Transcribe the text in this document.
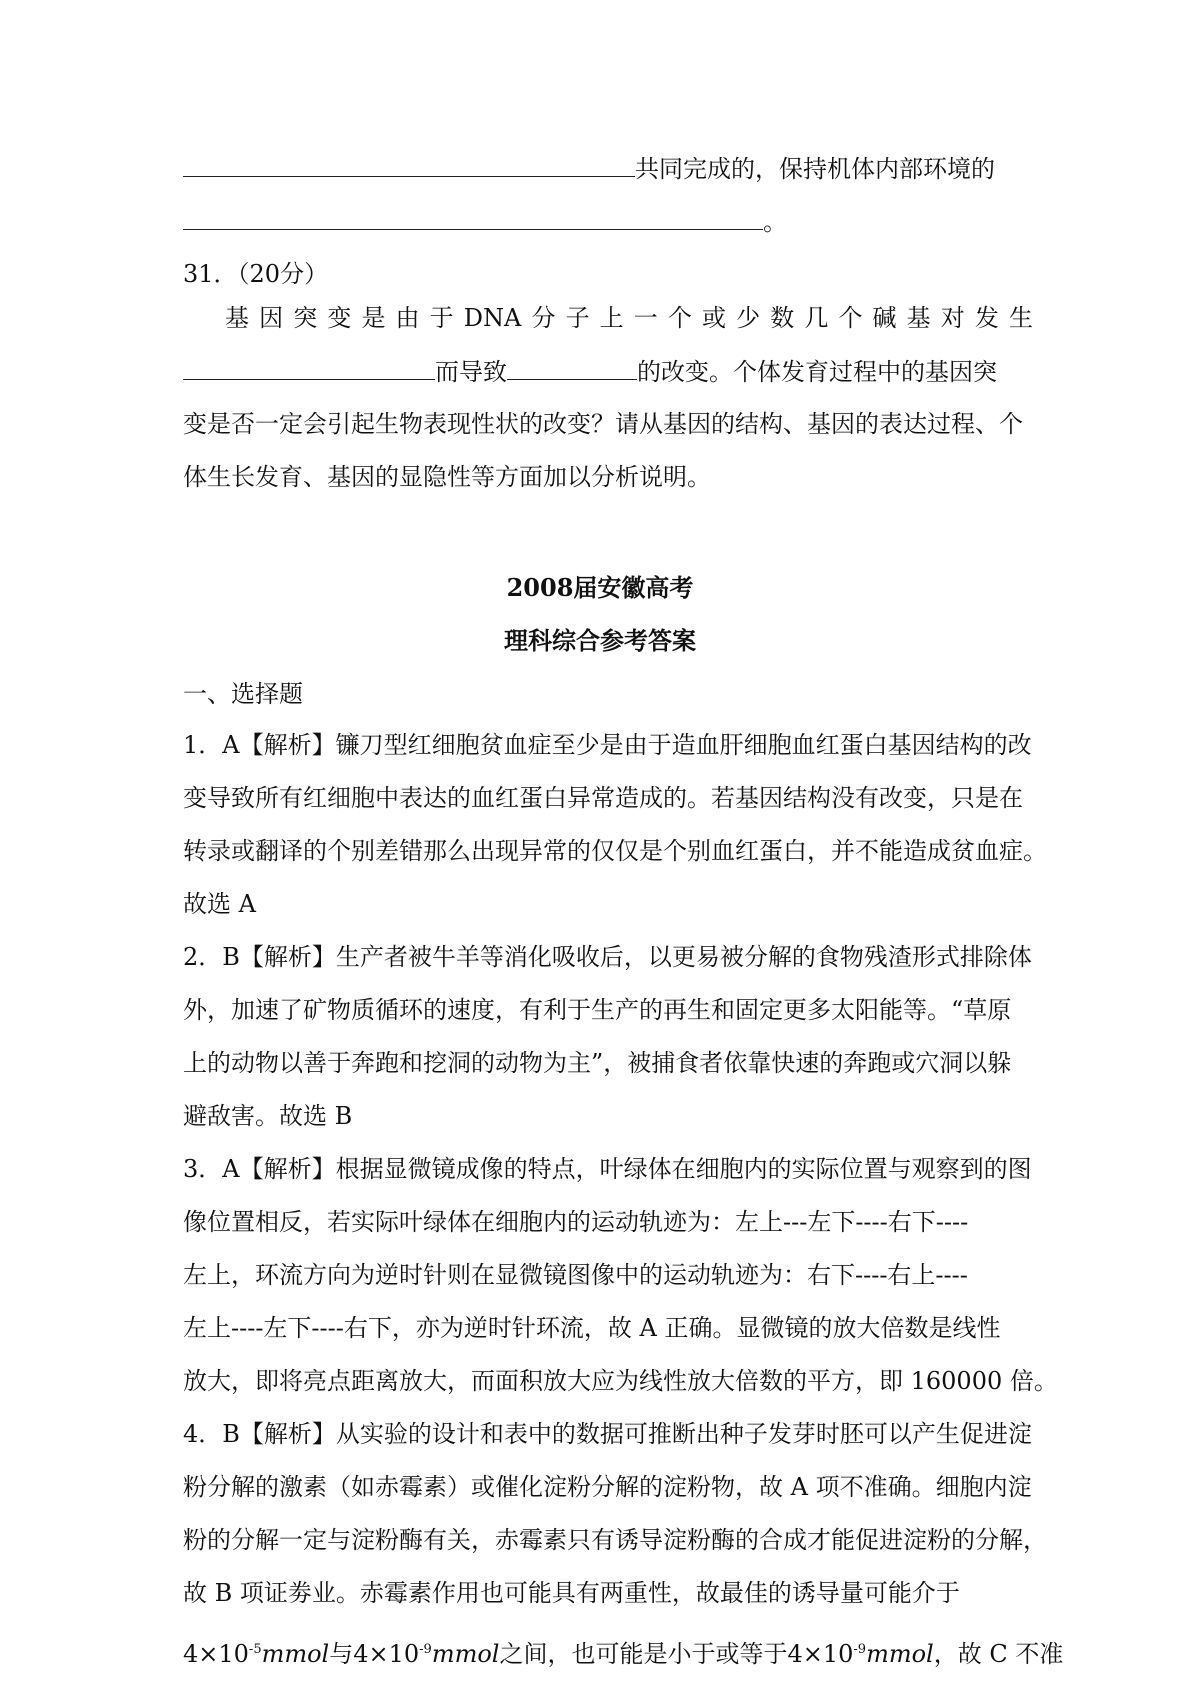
共同完成的，保持机体内部环境的
。
31．（20分）
基 因 突 变 是 由 于 DNA 分 子 上 一 个 或 少 数 几 个 碱 基 对 发 生
而导致	的改变。个体发育过程中的基因突
变是否一定会引起生物表现性状的改变？请从基因的结构、基因的表达过程、个
体生长发育、基因的显隐性等方面加以分析说明。
2008届安徽高考
理科综合参考答案
一、选择题
1．A【解析】镰刀型红细胞贫血症至少是由于造血肝细胞血红蛋白基因结构的改
变导致所有红细胞中表达的血红蛋白异常造成的。若基因结构没有改变，只是在
转录或翻译的个别差错那么出现异常的仅仅是个别血红蛋白，并不能造成贫血症。
故选 A
2．B【解析】生产者被牛羊等消化吸收后，以更易被分解的食物残渣形式排除体
外，加速了矿物质循环的速度，有利于生产的再生和固定更多太阳能等。“草原
上的动物以善于奔跑和挖洞的动物为主”，被捕食者依靠快速的奔跑或穴洞以躲
避敌害。故选 B
3．A【解析】根据显微镜成像的特点，叶绿体在细胞内的实际位置与观察到的图
像位置相反，若实际叶绿体在细胞内的运动轨迹为：左上---左下----右下----
左上，环流方向为逆时针则在显微镜图像中的运动轨迹为：右下----右上----
左上----左下----右下，亦为逆时针环流，故 A 正确。显微镜的放大倍数是线性
放大，即将亮点距离放大，而面积放大应为线性放大倍数的平方，即 160000 倍。
4．B【解析】从实验的设计和表中的数据可推断出种子发芽时胚可以产生促进淀
粉分解的激素（如赤霉素）或催化淀粉分解的淀粉物，故 A 项不准确。细胞内淀
粉的分解一定与淀粉酶有关，赤霉素只有诱导淀粉酶的合成才能促进淀粉的分解，
故 B 项证劵业。赤霉素作用也可能具有两重性，故最佳的诱导量可能介于
$4\times 10^{-5}mmol$与$4\times 10^{-9}mmol$之间，也可能是小于或等于$4\times 10^{-9}mmol$，故 C 不准
